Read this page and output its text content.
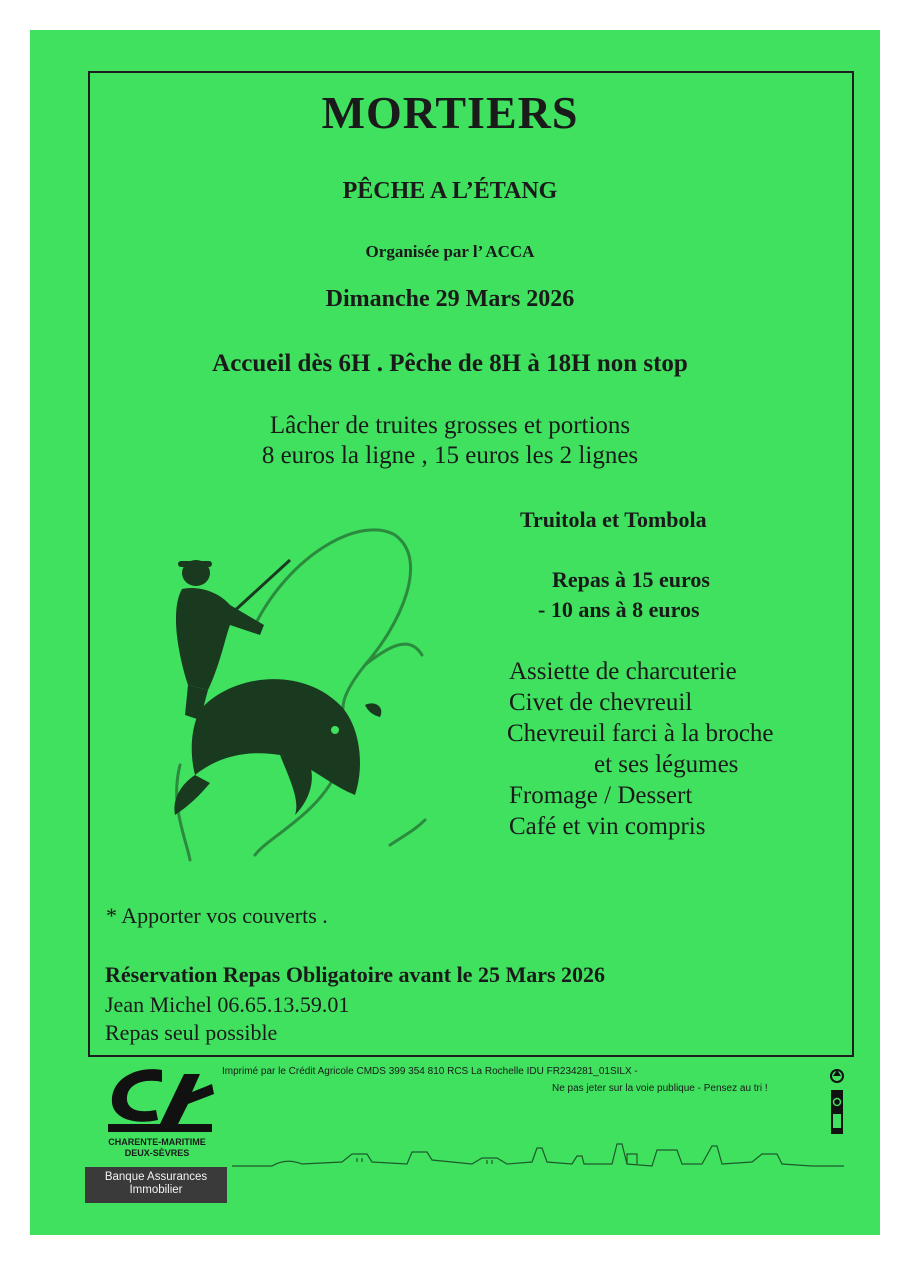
MORTIERS
PÊCHE A L’ÉTANG
Organisée par l’ ACCA
Dimanche 29 Mars 2026
Accueil dès 6H . Pêche de 8H à 18H non stop
Lâcher de truites grosses et portions
8 euros la ligne , 15 euros les 2 lignes
Truitola et Tombola
Repas à 15 euros
- 10 ans à 8 euros
Assiette de charcuterie
Civet de chevreuil
Chevreuil farci à la broche
et ses légumes
Fromage / Dessert
Café et vin compris
* Apporter vos couverts .
Réservation Repas Obligatoire avant le 25 Mars 2026
Jean Michel 06.65.13.59.01
Repas seul possible
CHARENTE-MARITIME
DEUX-SÈVRES
Banque Assurances
Immobilier
Imprimé par le Crédit Agricole CMDS 399 354 810 RCS La Rochelle IDU FR234281_01SILX -
Ne pas jeter sur la voie publique - Pensez au tri !
